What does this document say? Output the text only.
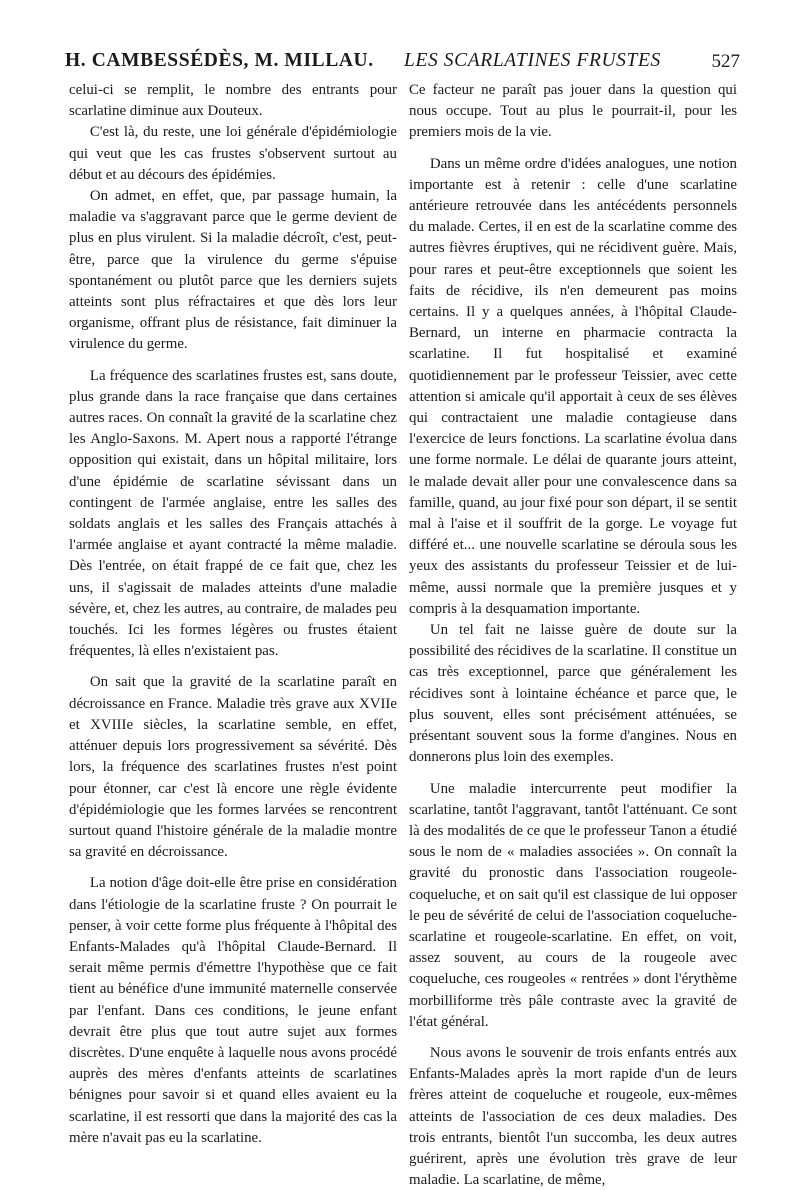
H. CAMBESSÉDÈS, M. MILLAU. LES SCARLATINES FRUSTES	527

celui-ci se remplit, le nombre des entrants pour scarlatine diminue aux Douteux.

C'est là, du reste, une loi générale d'épidémiologie qui veut que les cas frustes s'observent surtout au début et au décours des épidémies.

On admet, en effet, que, par passage humain, la maladie va s'aggravant parce que le germe devient de plus en plus virulent. Si la maladie décroît, c'est, peut-être, parce que la virulence du germe s'épuise spontanément ou plutôt parce que les derniers sujets atteints sont plus réfractaires et que dès lors leur organisme, offrant plus de résistance, fait diminuer la virulence du germe.

La fréquence des scarlatines frustes est, sans doute, plus grande dans la race française que dans certaines autres races. On connaît la gravité de la scarlatine chez les Anglo-Saxons. M. Apert nous a rapporté l'étrange opposition qui existait, dans un hôpital militaire, lors d'une épidémie de scarlatine sévissant dans un contingent de l'armée anglaise, entre les salles des soldats anglais et les salles des Français attachés à l'armée anglaise et ayant contracté la même maladie. Dès l'entrée, on était frappé de ce fait que, chez les uns, il s'agissait de malades atteints d'une maladie sévère, et, chez les autres, au contraire, de malades peu touchés. Ici les formes légères ou frustes étaient fréquentes, là elles n'existaient pas.

On sait que la gravité de la scarlatine paraît en décroissance en France. Maladie très grave aux XVIIe et XVIIIe siècles, la scarlatine semble, en effet, atténuer depuis lors progressivement sa sévérité. Dès lors, la fréquence des scarlatines frustes n'est point pour étonner, car c'est là encore une règle évidente d'épidémiologie que les formes larvées se rencontrent surtout quand l'histoire générale de la maladie montre sa gravité en décroissance.

La notion d'âge doit-elle être prise en considération dans l'étiologie de la scarlatine fruste ? On pourrait le penser, à voir cette forme plus fréquente à l'hôpital des Enfants-Malades qu'à l'hôpital Claude-Bernard. Il serait même permis d'émettre l'hypothèse que ce fait tient au bénéfice d'une immunité maternelle conservée par l'enfant. Dans ces conditions, le jeune enfant devrait être plus que tout autre sujet aux formes discrètes. D'une enquête à laquelle nous avons procédé auprès des mères d'enfants atteints de scarlatines bénignes pour savoir si et quand elles avaient eu la scarlatine, il est ressorti que dans la majorité des cas la mère n'avait pas eu la scarlatine.

Ce facteur ne paraît pas jouer dans la question qui nous occupe. Tout au plus le pourrait-il, pour les premiers mois de la vie.

Dans un même ordre d'idées analogues, une notion importante est à retenir : celle d'une scarlatine antérieure retrouvée dans les antécédents personnels du malade. Certes, il en est de la scarlatine comme des autres fièvres éruptives, qui ne récidivent guère. Mais, pour rares et peut-être exceptionnels que soient les faits de récidive, ils n'en demeurent pas moins certains. Il y a quelques années, à l'hôpital Claude-Bernard, un interne en pharmacie contracta la scarlatine. Il fut hospitalisé et examiné quotidiennement par le professeur Teissier, avec cette attention si amicale qu'il apportait à ceux de ses élèves qui contractaient une maladie contagieuse dans l'exercice de leurs fonctions. La scarlatine évolua dans une forme normale. Le délai de quarante jours atteint, le malade devait aller pour une convalescence dans sa famille, quand, au jour fixé pour son départ, il se sentit mal à l'aise et il souffrit de la gorge. Le voyage fut différé et... une nouvelle scarlatine se déroula sous les yeux des assistants du professeur Teissier et de lui-même, aussi normale que la première jusques et y compris à la desquamation importante.

Un tel fait ne laisse guère de doute sur la possibilité des récidives de la scarlatine. Il constitue un cas très exceptionnel, parce que généralement les récidives sont à lointaine échéance et parce que, le plus souvent, elles sont précisément atténuées, se présentant souvent sous la forme d'angines. Nous en donnerons plus loin des exemples.

Une maladie intercurrente peut modifier la scarlatine, tantôt l'aggravant, tantôt l'atténuant. Ce sont là des modalités de ce que le professeur Tanon a étudié sous le nom de « maladies associées ». On connaît la gravité du pronostic dans l'association rougeole-coqueluche, et on sait qu'il est classique de lui opposer le peu de sévérité de celui de l'association coqueluche-scarlatine et rougeole-scarlatine. En effet, on voit, assez souvent, au cours de la rougeole avec coqueluche, ces rougeoles « rentrées » dont l'érythème morbilliforme très pâle contraste avec la gravité de l'état général.

Nous avons le souvenir de trois enfants entrés aux Enfants-Malades après la mort rapide d'un de leurs frères atteint de coqueluche et rougeole, eux-mêmes atteints de l'association de ces deux maladies. Des trois entrants, bientôt l'un succomba, les deux autres guérirent, après une évolution très grave de leur maladie. La scarlatine, de même,
